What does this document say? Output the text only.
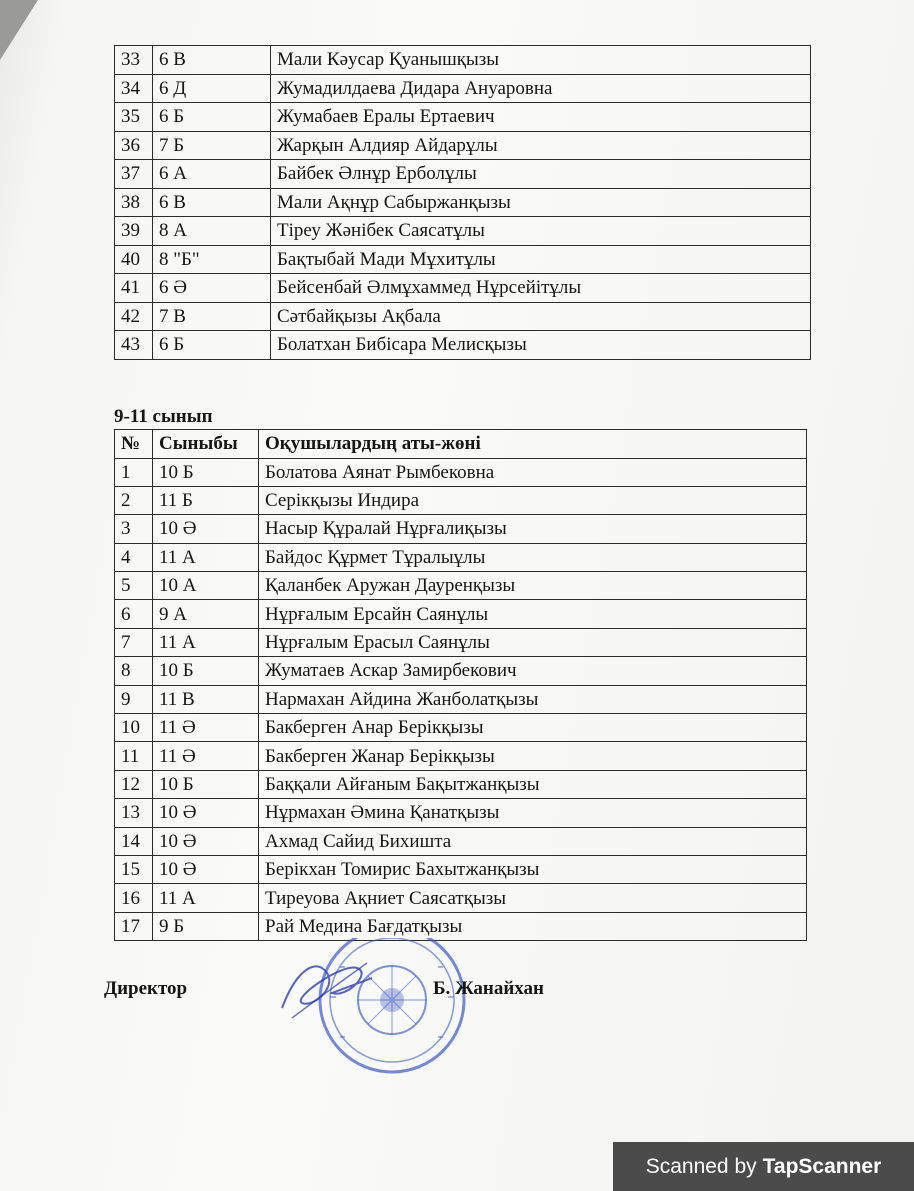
33	6 В	Мали Кәусар Қуанышқызы
34	6 Д	Жумадилдаева Дидара Ануаровна
35	6 Б	Жумабаев Ералы Ертаевич
36	7 Б	Жарқын Алдияр Айдарұлы
37	6 А	Байбек Әлнұр Ерболұлы
38	6 В	Мали Ақнұр Сабыржанқызы
39	8 А	Тіреу Жәнібек Саясатұлы
40	8 "Б"	Бақтыбай Мади Мұхитұлы
41	6 Ә	Бейсенбай Әлмұхаммед Нұрсейітұлы
42	7 В	Сәтбайқызы Ақбала
43	6 Б	Болатхан Бибісара Мелисқызы
9-11 сынып
№	Сыныбы	Оқушылардың аты-жөні
1	10 Б	Болатова Аянат Рымбековна
2	11 Б	Серікқызы Индира
3	10 Ә	Насыр Құралай Нұрғалиқызы
4	11 А	Байдос Құрмет Тұралыұлы
5	10 А	Қаланбек Аружан Дауренқызы
6	9 А	Нұрғалым Ерсайн Саянұлы
7	11 А	Нұрғалым Ерасыл Саянұлы
8	10 Б	Жуматаев Аскар Замирбекович
9	11 В	Нармахан Айдина Жанболатқызы
10	11 Ә	Бакберген Анар Берікқызы
11	11 Ә	Бакберген Жанар Берікқызы
12	10 Б	Баққали Айғаным Бақытжанқызы
13	10 Ә	Нұрмахан Әмина Қанатқызы
14	10 Ә	Ахмад Сайид Бихишта
15	10 Ә	Берікхан Томирис Бахытжанқызы
16	11 А	Тиреуова Ақниет Саясатқызы
17	9 Б	Рай Медина Бағдатқызы
Директор	Б. Жанайхан
Scanned by TapScanner
